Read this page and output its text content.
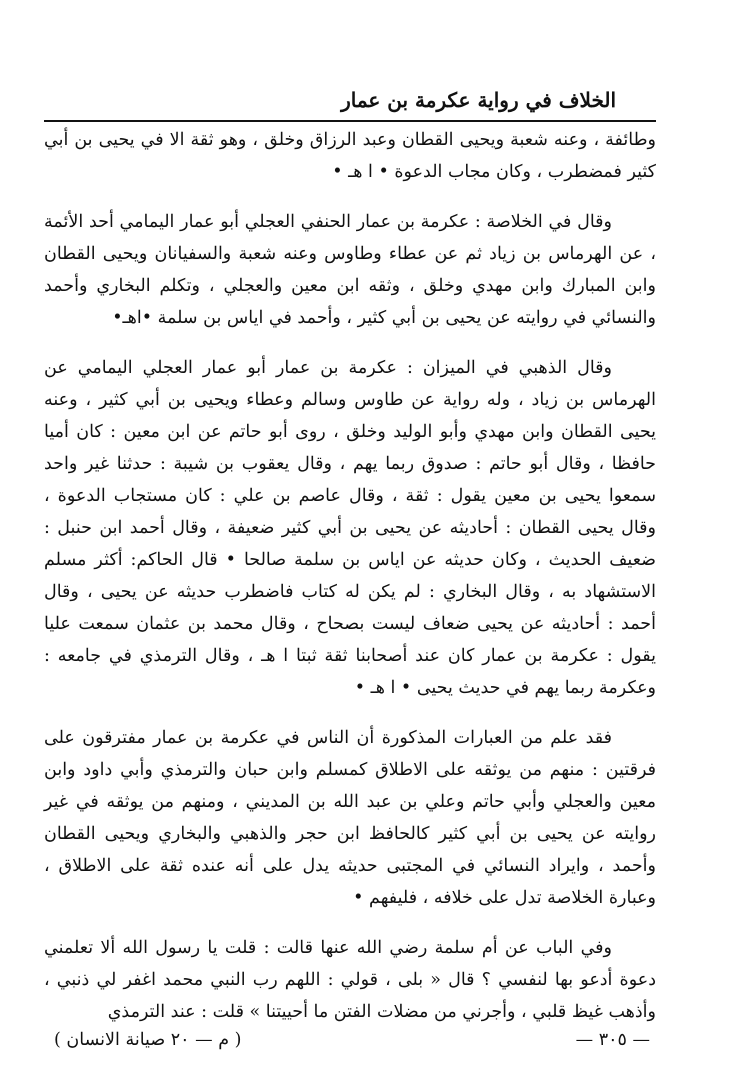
الخلاف في رواية عكرمة بن عمار

وطائفة ، وعنه شعبة ويحيى القطان وعبد الرزاق وخلق ، وهو ثقة الا في يحيى بن أبي كثير فمضطرب ، وكان مجاب الدعوة • ا هـ •

وقال في الخلاصة : عكرمة بن عمار الحنفي العجلي أبو عمار اليمامي أحد الأئمة ، عن الهرماس بن زياد ثم عن عطاء وطاوس وعنه شعبة والسفيانان ويحيى القطان وابن المبارك وابن مهدي وخلق ، وثقه ابن معين والعجلي ، وتكلم البخاري وأحمد والنسائي في روايته عن يحيى بن أبي كثير ، وأحمد في اياس بن سلمة •اهـ•

وقال الذهبي في الميزان : عكرمة بن عمار أبو عمار العجلي اليمامي عن الهرماس بن زياد ، وله رواية عن طاوس وسالم وعطاء ويحيى بن أبي كثير ، وعنه يحيى القطان وابن مهدي وأبو الوليد وخلق ، روى أبو حاتم عن ابن معين : كان أميا حافظا ، وقال أبو حاتم : صدوق ربما يهم ، وقال يعقوب بن شيبة : حدثنا غير واحد سمعوا يحيى بن معين يقول : ثقة ، وقال عاصم بن علي : كان مستجاب الدعوة ، وقال يحيى القطان : أحاديثه عن يحيى بن أبي كثير ضعيفة ، وقال أحمد ابن حنبل : ضعيف الحديث ، وكان حديثه عن اياس بن سلمة صالحا • قال الحاكم: أكثر مسلم الاستشهاد به ، وقال البخاري : لم يكن له كتاب فاضطرب حديثه عن يحيى ، وقال أحمد : أحاديثه عن يحيى ضعاف ليست بصحاح ، وقال محمد بن عثمان سمعت عليا يقول : عكرمة بن عمار كان عند أصحابنا ثقة ثبتا ا هـ ، وقال الترمذي في جامعه : وعكرمة ربما يهم في حديث يحيى • ا هـ •

فقد علم من العبارات المذكورة أن الناس في عكرمة بن عمار مفترقون على فرقتين : منهم من يوثقه على الاطلاق كمسلم وابن حبان والترمذي وأبي داود وابن معين والعجلي وأبي حاتم وعلي بن عبد الله بن المديني ، ومنهم من يوثقه في غير روايته عن يحيى بن أبي كثير كالحافظ ابن حجر والذهبي والبخاري ويحيى القطان وأحمد ، وايراد النسائي في المجتبى حديثه يدل على أنه عنده ثقة على الاطلاق ، وعبارة الخلاصة تدل على خلافه ، فليفهم •

وفي الباب عن أم سلمة رضي الله عنها قالت : قلت يا رسول الله ألا تعلمني دعوة أدعو بها لنفسي ؟ قال « بلى ، قولي : اللهم رب النبي محمد اغفر لي ذنبي ، وأذهب غيظ قلبي ، وأجرني من مضلات الفتن ما أحييتنا » قلت : عند الترمذي

— ٣٠٥ —
( م — ٢٠ صيانة الانسان )
